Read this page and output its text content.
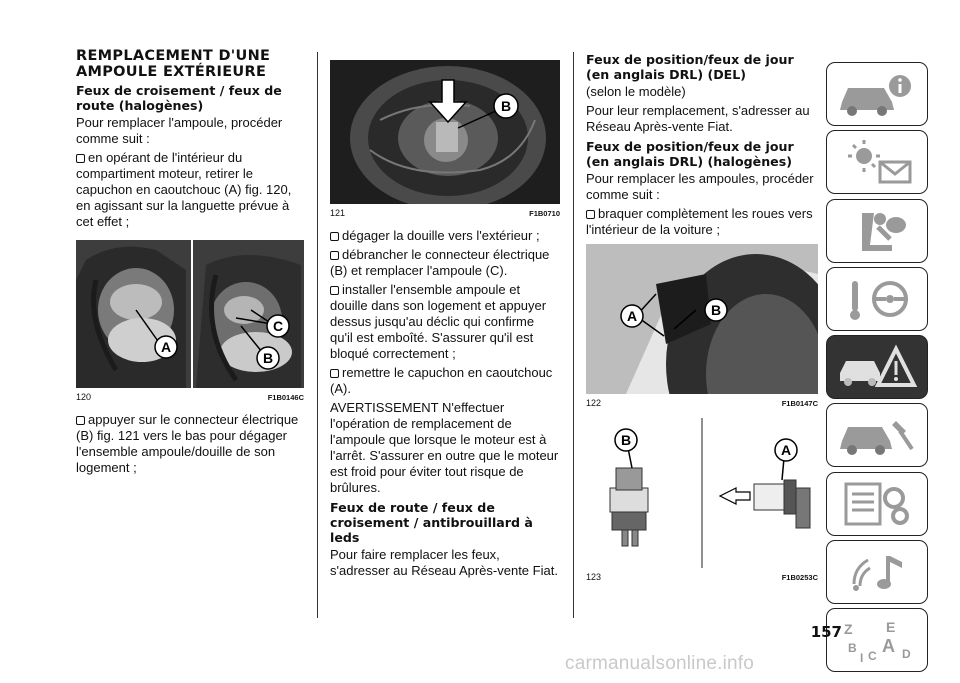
REMPLACEMENT D'UNE
AMPOULE EXTÉRIEURE
Feux de croisement / feux de route (halogènes)

Pour remplacer l'ampoule, procéder comme suit :

en opérant de l'intérieur du compartiment moteur, retirer le capuchon en caoutchouc (A) fig. 120, en agissant sur la languette prévue à cet effet ;

A
C
B
120	F1B0146C

appuyer sur le connecteur électrique (B) fig. 121 vers le bas pour dégager l'ensemble ampoule/douille de son logement ;

B
121	F1B0710

dégager la douille vers l'extérieur ;

débrancher le connecteur électrique (B) et remplacer l'ampoule (C).

installer l'ensemble ampoule et douille dans son logement et appuyer dessus jusqu'au déclic qui confirme qu'il est emboîté. S'assurer qu'il est bloqué correctement ;

remettre le capuchon en caoutchouc (A).

AVERTISSEMENT N'effectuer l'opération de remplacement de l'ampoule que lorsque le moteur est à l'arrêt. S'assurer en outre que le moteur est froid pour éviter tout risque de brûlures.

Feux de route / feux de croisement / antibrouillard à leds

Pour faire remplacer les feux, s'adresser au Réseau Après-vente Fiat.

Feux de position/feux de jour (en anglais DRL) (DEL)

(selon le modèle)

Pour leur remplacement, s'adresser au Réseau Après-vente Fiat.

Feux de position/feux de jour (en anglais DRL) (halogènes)

Pour remplacer les ampoules, procéder comme suit :

braquer complètement les roues vers l'intérieur de la voiture ;

A	B
122	F1B0147C
B
A
123	F1B0253C
Z E
B A
I C D
157
carmanualsonline.info
